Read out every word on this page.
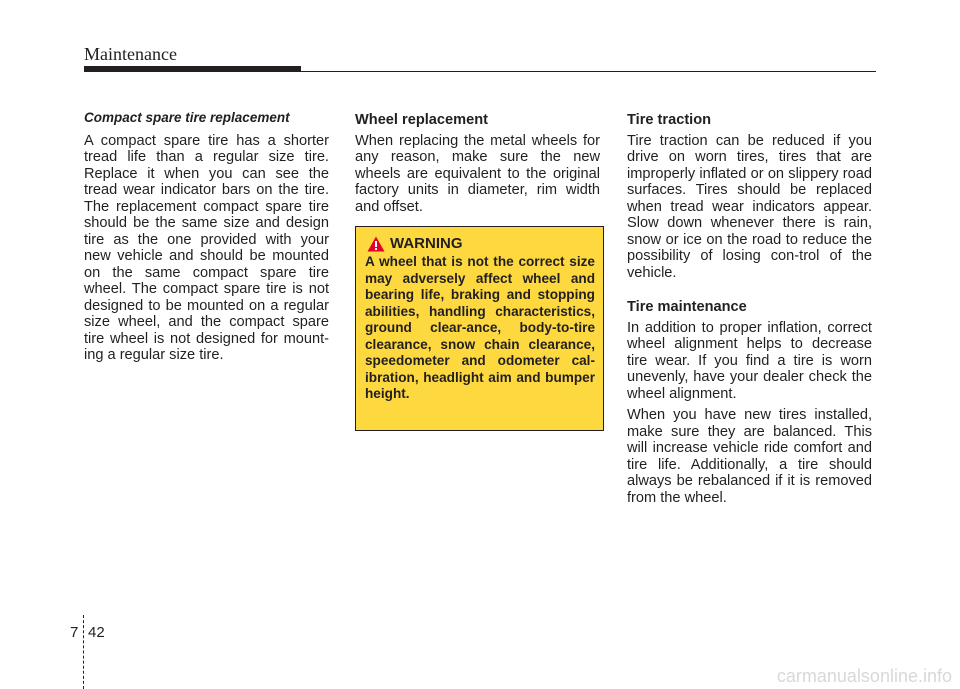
Maintenance

Compact spare tire replacement

A compact spare tire has a shorter tread life than a regular size tire. Replace it when you can see the tread wear indicator bars on the tire. The replacement compact spare tire should be the same size and design tire as the one provided with your new vehicle and should be mounted on the same compact spare tire wheel. The compact spare tire is not designed to be mounted on a regular size wheel, and the compact spare tire wheel is not designed for mount-ing a regular size tire.

Wheel replacement

When replacing the metal wheels for any reason, make sure the new wheels are equivalent to the original factory units in diameter, rim width and offset.

WARNING

A wheel that is not the correct size may adversely affect wheel and bearing life, braking and stopping abilities, handling characteristics, ground clear-ance, body-to-tire clearance, snow chain clearance, speedometer and odometer cal-ibration, headlight aim and bumper height.

Tire traction

Tire traction can be reduced if you drive on worn tires, tires that are improperly inflated or on slippery road surfaces. Tires should be replaced when tread wear indicators appear. Slow down whenever there is rain, snow or ice on the road to reduce the possibility of losing con-trol of the vehicle.

Tire maintenance

In addition to proper inflation, correct wheel alignment helps to decrease tire wear. If you find a tire is worn unevenly, have your dealer check the wheel alignment.

When you have new tires installed, make sure they are balanced. This will increase vehicle ride comfort and tire life. Additionally, a tire should always be rebalanced if it is removed from the wheel.

7 42
carmanualsonline.info
